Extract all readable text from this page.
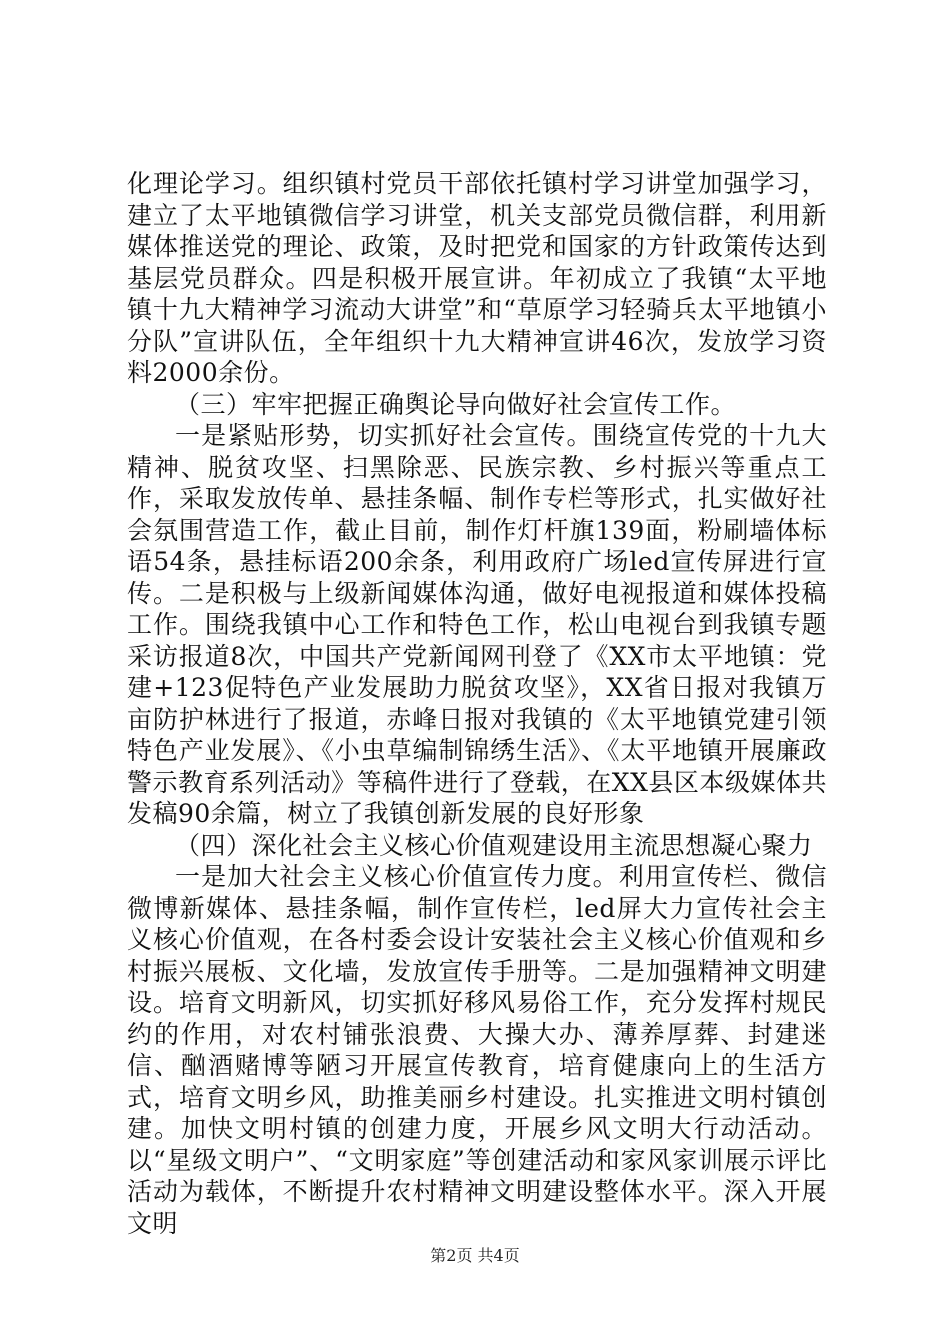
化理论学习。组织镇村党员干部依托镇村学习讲堂加强学习，建立了太平地镇微信学习讲堂，机关支部党员微信群，利用新媒体推送党的理论、政策，及时把党和国家的方针政策传达到基层党员群众。四是积极开展宣讲。年初成立了我镇“太平地镇十九大精神学习流动大讲堂”和“草原学习轻骑兵太平地镇小分队”宣讲队伍，全年组织十九大精神宣讲46次，发放学习资料2000余份。

（三）牢牢把握正确舆论导向做好社会宣传工作。

一是紧贴形势，切实抓好社会宣传。围绕宣传党的十九大精神、脱贫攻坚、扫黑除恶、民族宗教、乡村振兴等重点工作，采取发放传单、悬挂条幅、制作专栏等形式，扎实做好社会氛围营造工作，截止目前，制作灯杆旗139面，粉刷墙体标语54条，悬挂标语200余条，利用政府广场led宣传屏进行宣传。二是积极与上级新闻媒体沟通，做好电视报道和媒体投稿工作。围绕我镇中心工作和特色工作，松山电视台到我镇专题采访报道8次，中国共产党新闻网刊登了《XX市太平地镇：党建+123促特色产业发展助力脱贫攻坚》，XX省日报对我镇万亩防护林进行了报道，赤峰日报对我镇的《太平地镇党建引领特色产业发展》、《小虫草编制锦绣生活》、《太平地镇开展廉政警示教育系列活动》等稿件进行了登载，在XX县区本级媒体共发稿90余篇，树立了我镇创新发展的良好形象

（四）深化社会主义核心价值观建设用主流思想凝心聚力

一是加大社会主义核心价值宣传力度。利用宣传栏、微信微博新媒体、悬挂条幅，制作宣传栏，led屏大力宣传社会主义核心价值观，在各村委会设计安装社会主义核心价值观和乡村振兴展板、文化墙，发放宣传手册等。二是加强精神文明建设。培育文明新风，切实抓好移风易俗工作，充分发挥村规民约的作用，对农村铺张浪费、大操大办、薄养厚葬、封建迷信、酗酒赌博等陋习开展宣传教育，培育健康向上的生活方式，培育文明乡风，助推美丽乡村建设。扎实推进文明村镇创建。加快文明村镇的创建力度，开展乡风文明大行动活动。以“星级文明户”、“文明家庭”等创建活动和家风家训展示评比活动为载体，不断提升农村精神文明建设整体水平。深入开展文明

第2页 共4页
